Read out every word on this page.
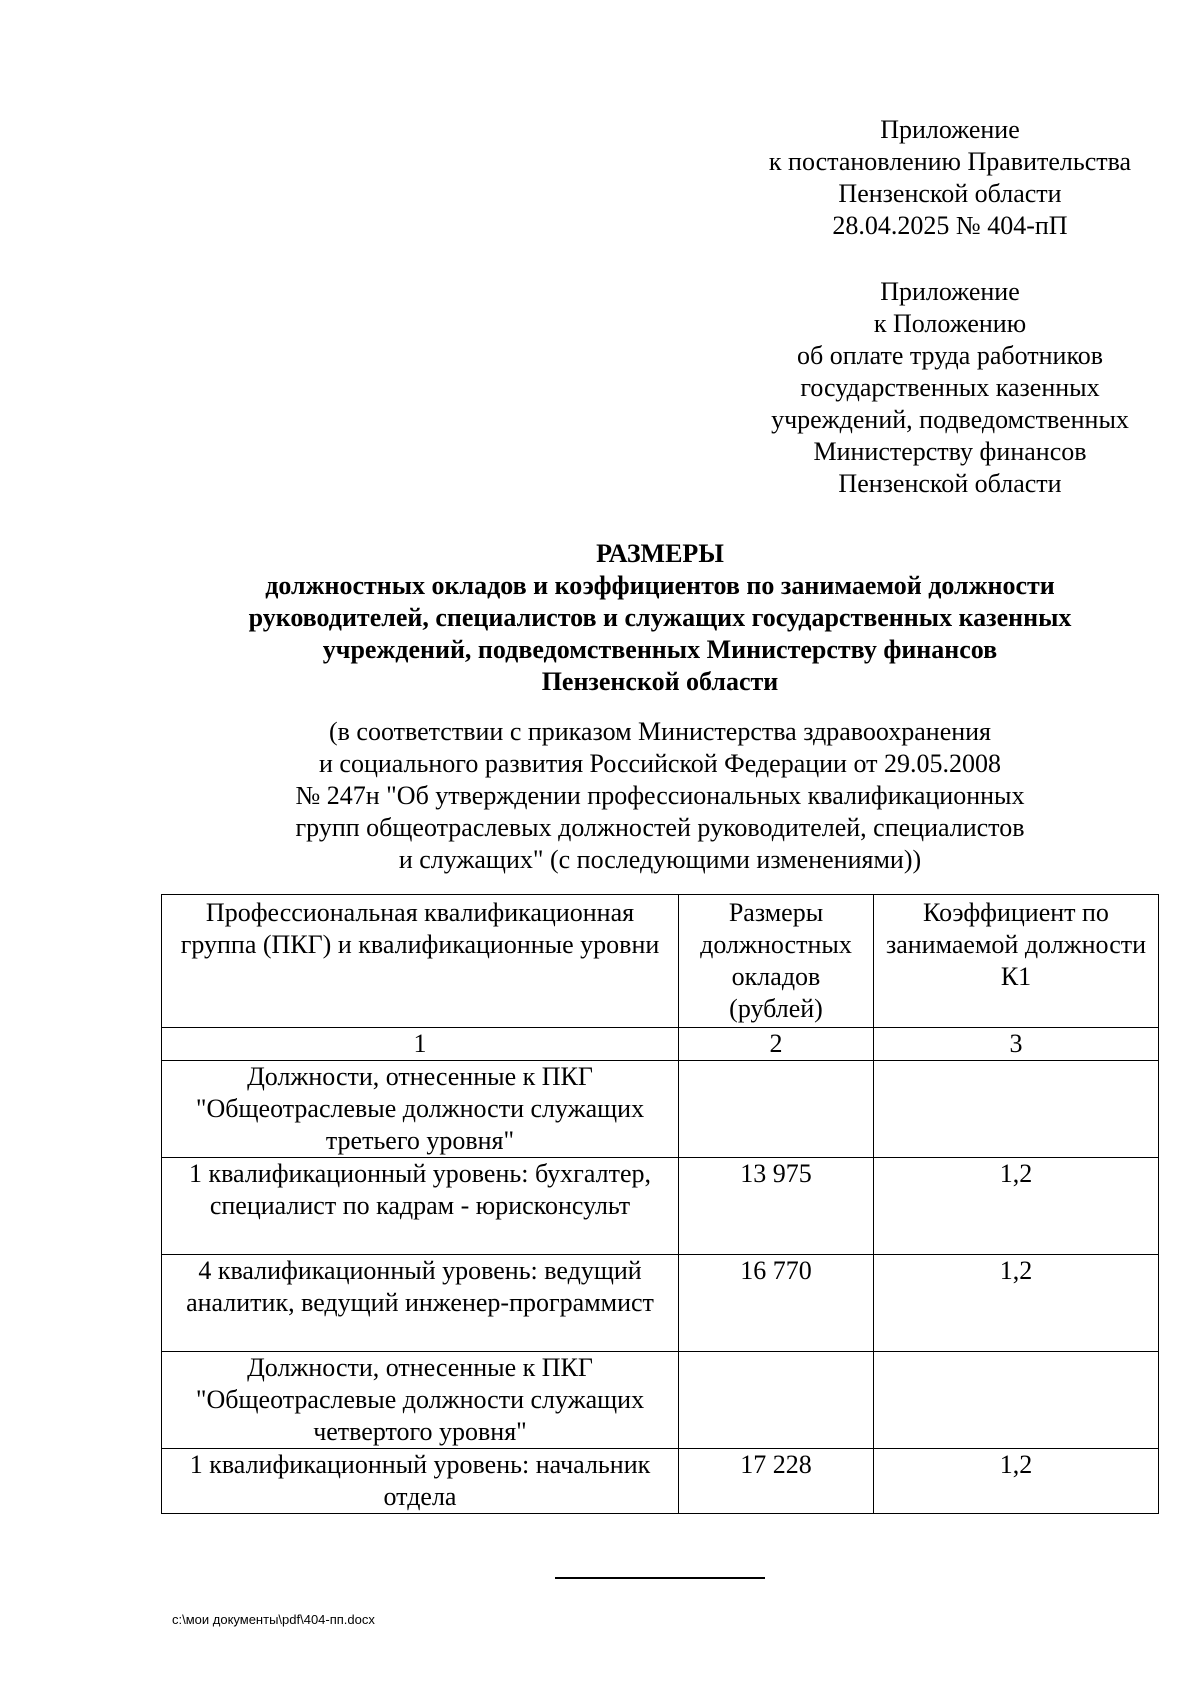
Приложение
к постановлению Правительства
Пензенской области
28.04.2025 № 404-пП
Приложение
к Положению
об оплате труда работников
государственных казенных
учреждений, подведомственных
Министерству финансов
Пензенской области
РАЗМЕРЫ
должностных окладов и коэффициентов по занимаемой должности
руководителей, специалистов и служащих государственных казенных
учреждений, подведомственных Министерству финансов
Пензенской области
(в соответствии с приказом Министерства здравоохранения
и социального развития Российской Федерации от 29.05.2008
№ 247н "Об утверждении профессиональных квалификационных
групп общеотраслевых должностей руководителей, специалистов
и служащих" (с последующими изменениями))
Профессиональная квалификационная группа (ПКГ) и квалификационные уровни	Размеры должностных окладов (рублей)	Коэффициент по занимаемой должности К1
1	2	3
Должности, отнесенные к ПКГ "Общеотраслевые должности служащих третьего уровня"		
1 квалификационный уровень: бухгалтер, специалист по кадрам - юрисконсульт	13 975	1,2
4 квалификационный уровень: ведущий аналитик, ведущий инженер-программист	16 770	1,2
Должности, отнесенные к ПКГ "Общеотраслевые должности служащих четвертого уровня"		
1 квалификационный уровень: начальник отдела	17 228	1,2
c:\мои документы\pdf\404-пп.docx
